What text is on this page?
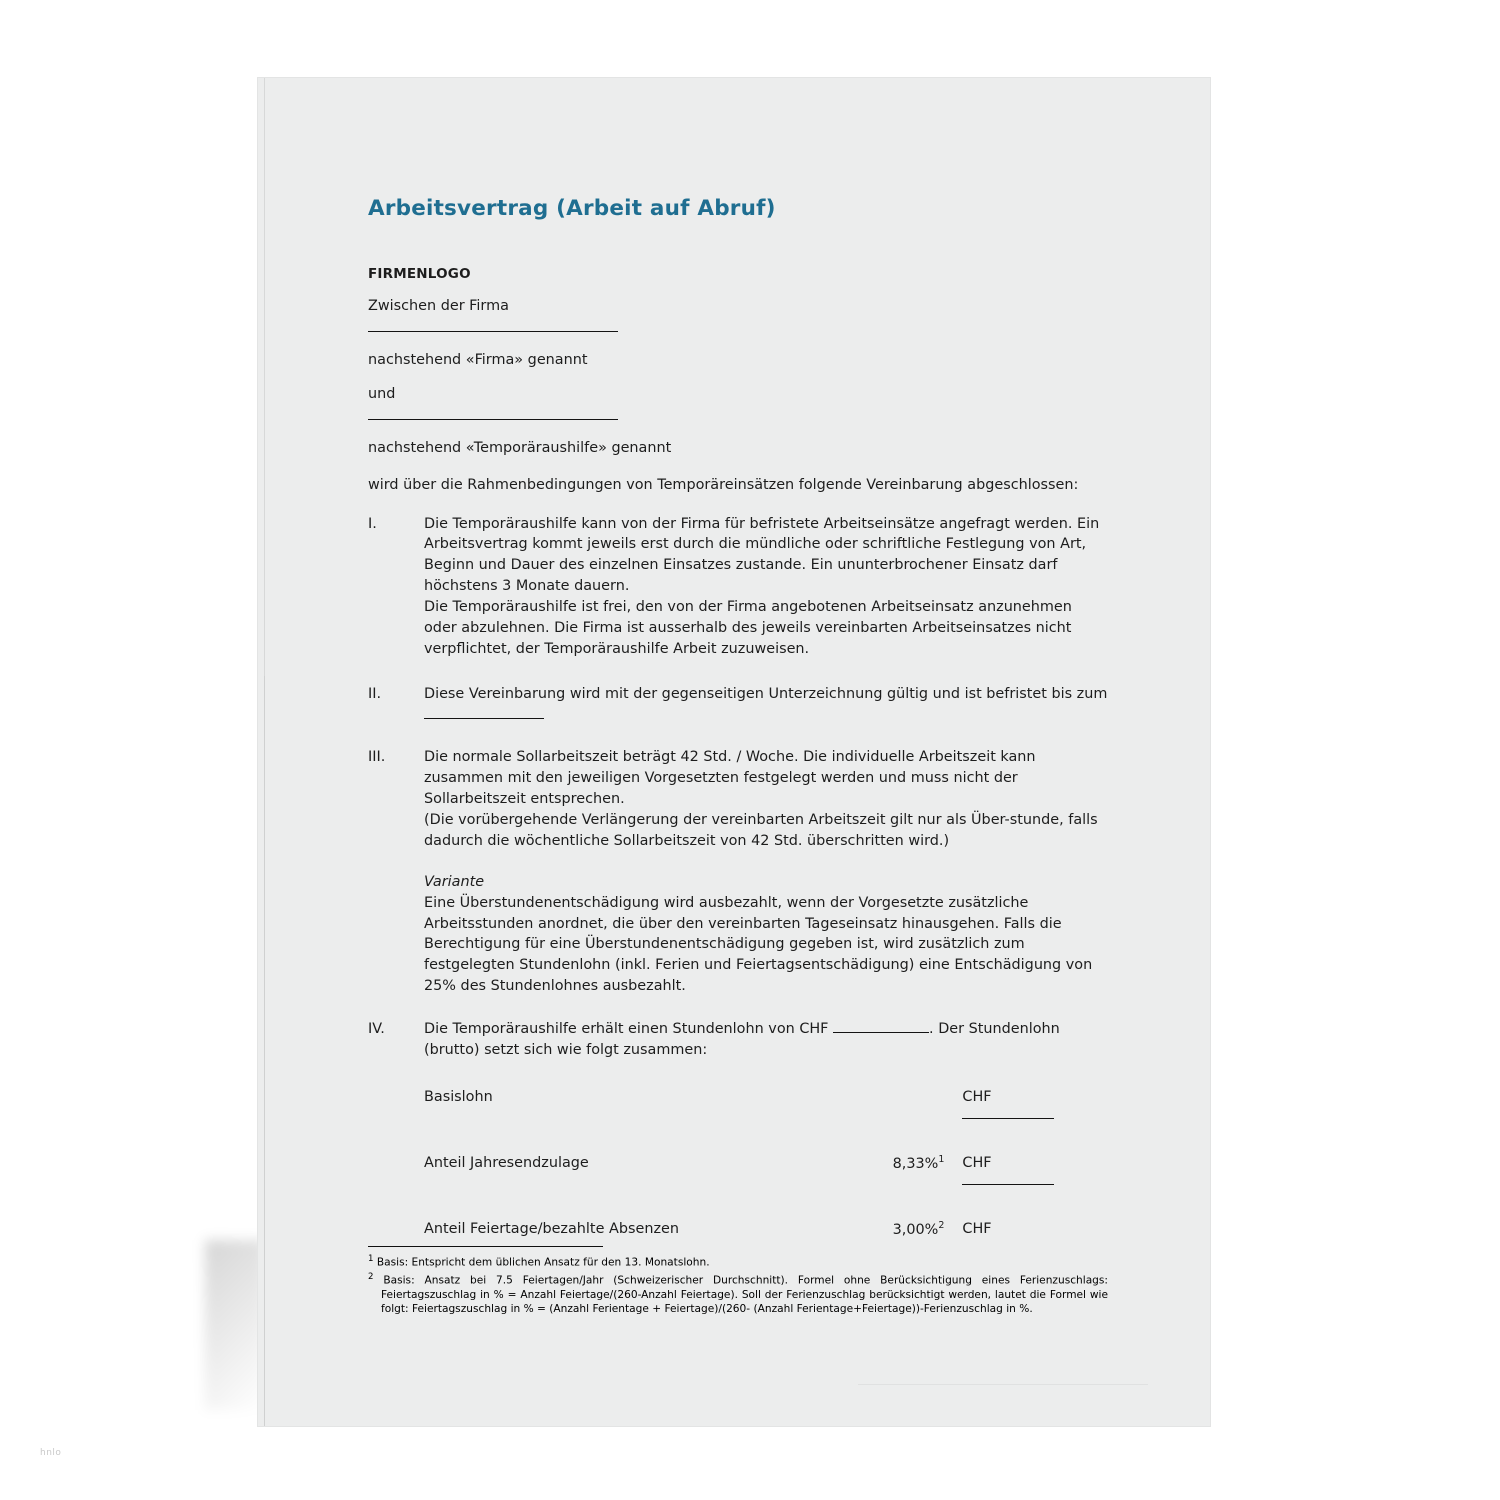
Arbeitsvertrag (Arbeit auf Abruf)
FIRMENLOGO
Zwischen der Firma
nachstehend «Firma» genannt
und
nachstehend «Temporäraushilfe» genannt
wird über die Rahmenbedingungen von Temporäreinsätzen folgende Vereinbarung abgeschlossen:
I.	Die Temporäraushilfe kann von der Firma für befristete Arbeitseinsätze angefragt werden. Ein Arbeitsvertrag kommt jeweils erst durch die mündliche oder schriftliche Festlegung von Art, Beginn und Dauer des einzelnen Einsatzes zustande. Ein ununterbrochener Einsatz darf höchstens 3 Monate dauern.

Die Temporäraushilfe ist frei, den von der Firma angebotenen Arbeitseinsatz anzunehmen oder abzulehnen. Die Firma ist ausserhalb des jeweils vereinbarten Arbeitseinsatzes nicht verpflichtet, der Temporäraushilfe Arbeit zuzuweisen.

II.	Diese Vereinbarung wird mit der gegenseitigen Unterzeichnung gültig und ist befristet bis zum

III.	Die normale Sollarbeitszeit beträgt 42 Std. / Woche. Die individuelle Arbeitszeit kann zusammen mit den jeweiligen Vorgesetzten festgelegt werden und muss nicht der Sollarbeitszeit entsprechen.

(Die vorübergehende Verlängerung der vereinbarten Arbeitszeit gilt nur als Über-stunde, falls dadurch die wöchentliche Sollarbeitszeit von 42 Std. überschritten wird.)

Variante

Eine Überstundenentschädigung wird ausbezahlt, wenn der Vorgesetzte zusätzliche Arbeitsstunden anordnet, die über den vereinbarten Tageseinsatz hinausgehen. Falls die Berechtigung für eine Überstundenentschädigung gegeben ist, wird zusätzlich zum festgelegten Stundenlohn (inkl. Ferien und Feiertagsentschädigung) eine Entschädigung von 25% des Stundenlohnes ausbezahlt.

IV.	Die Temporäraushilfe erhält einen Stundenlohn von CHF	. Der Stundenlohn (brutto) setzt sich wie folgt zusammen:

Basislohn		CHF

Anteil Jahresendzulage	8,33%$^1$	CHF

Anteil Feiertage/bezahlte Absenzen	3,00%$^2$	CHF

$^1$ Basis: Entspricht dem üblichen Ansatz für den 13. Monatslohn.

$^2$ Basis: Ansatz bei 7.5 Feiertagen/Jahr (Schweizerischer Durchschnitt). Formel ohne Berücksichtigung eines Ferienzuschlags: Feiertagszuschlag in % = Anzahl Feiertage/(260-Anzahl Feiertage). Soll der Ferienzuschlag berücksichtigt werden, lautet die Formel wie folgt: Feiertagszuschlag in % = (Anzahl Ferientage + Feiertage)/(260- (Anzahl Ferientage+Feiertage))-Ferienzuschlag in %.

hnlo
